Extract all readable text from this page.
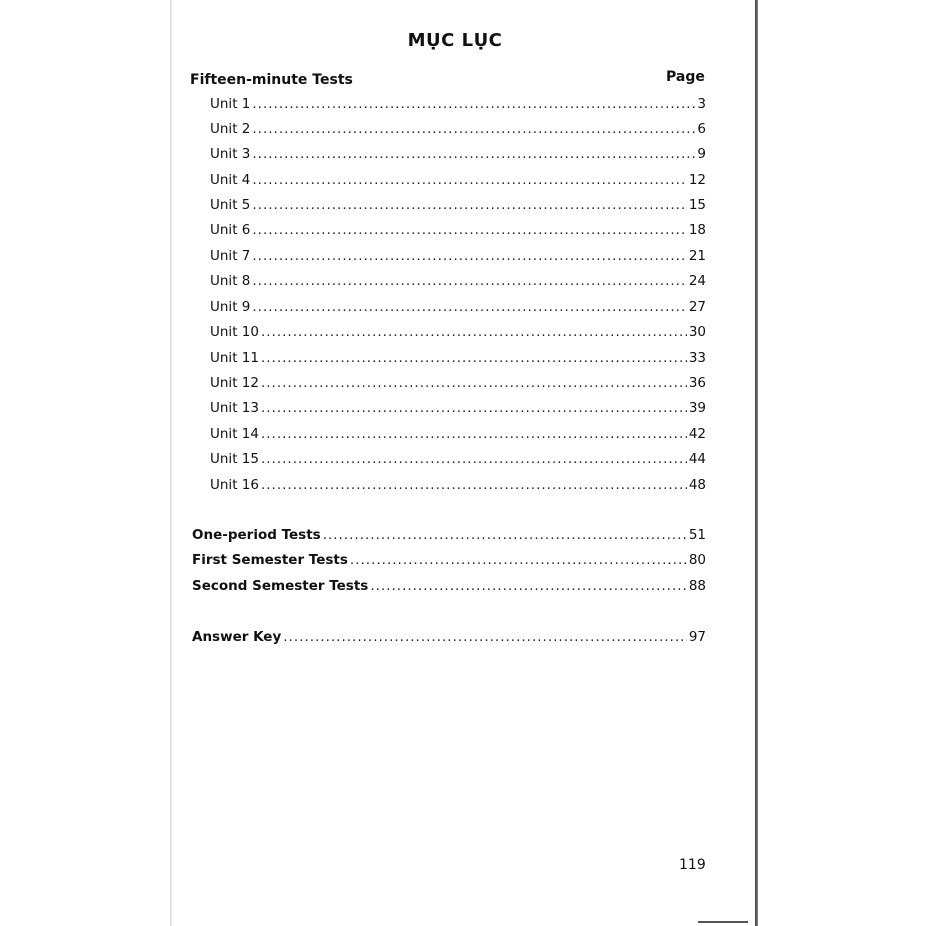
MỤC LỤC
Fifteen-minute Tests	Page
Unit 1 .....	3
Unit 2 .....	6
Unit 3 .....	9
Unit 4 .....	12
Unit 5 .....	15
Unit 6 .....	18
Unit 7 .....	21
Unit 8 .....	24
Unit 9 .....	27
Unit 10 .....	30
Unit 11 .....	33
Unit 12 .....	36
Unit 13 .....	39
Unit 14 .....	42
Unit 15 .....	44
Unit 16 .....	48
One-period Tests .....	51
First Semester Tests .....	80
Second Semester Tests .....	88
Answer Key .....	97
119
